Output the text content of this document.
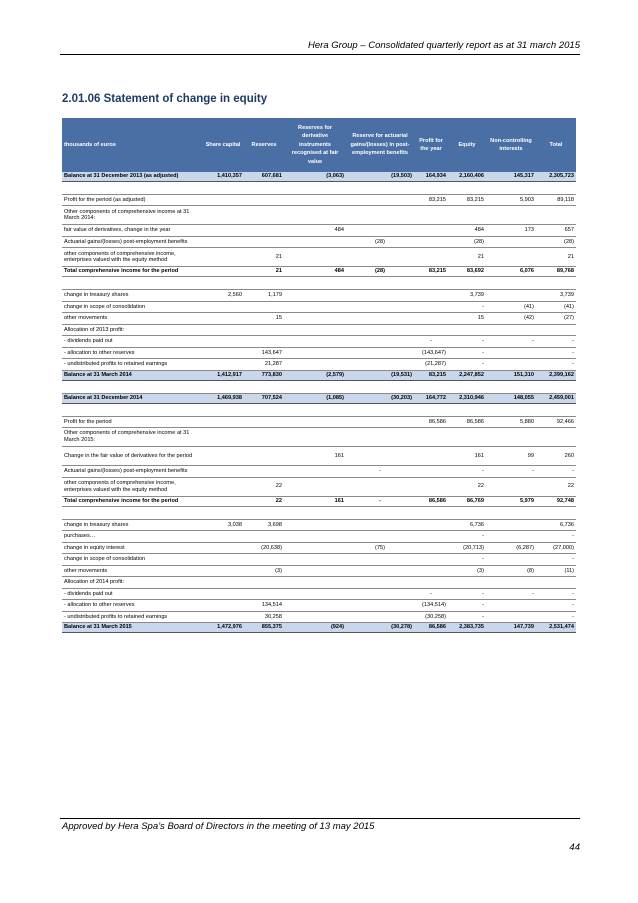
Hera Group – Consolidated quarterly report as at 31 march 2015
2.01.06 Statement of change in equity
thousands of euros	Share capital	Reserves	Reserves for derivative instruments recognised at fair value	Reserve for actuarial gains/(losses) in post-employment benefits	Profit for the year	Equity	Non-controlling interests	Total
Balance at 31 December 2013 (as adjusted)	1,410,357	607,681	(3,063)	(19,503)	164,934	2,160,406	145,317	2,305,723

Profit for the period (as adjusted)					83,215	83,215	5,903	89,118
Other components of comprehensive income at 31 March 2014:								
fair value of derivatives, change in the year			484			484	173	657
Actuarial gains/(losses) post-employment benefits				(28)		(28)		(28)
other components of comprehensive income, enterprises valued with the equity method		21				21		21
Total comprehensive income for the period		21	484	(28)	83,215	83,692	6,076	89,768

change in treasury shares	2,560	1,179				3,739		3,739
change in scope of consolidation						-	(41)	(41)
other movements		15				15	(42)	(27)
Allocation of 2013 profit:								
- dividends paid out					-	-	-	-
- allocation to other reserves		143,647			(143,647)	-		-
- undistributed profits to retained earnings		21,287			(21,287)	-		-
Balance at 31 March 2014	1,412,917	773,830	(2,579)	(19,531)	83,215	2,247,852	151,310	2,399,162

Balance at 31 December 2014	1,469,938	707,524	(1,085)	(30,203)	164,772	2,310,946	148,055	2,459,001

Profit for the period					86,586	86,586	5,880	92,466
Other components of comprehensive income at 31 March 2015:								
Change in the fair value of derivatives for the period			161			161	99	260
Actuarial gains/(losses) post-employment benefits				-		-	-	-
other components of comprehensive income, enterprises valued with the equity method		22				22		22
Total comprehensive income for the period		22	161	-	86,586	86,769	5,979	92,748

change in treasury shares	3,038	3,698				6,736		6,736
purchases…						-		-
change in equity interest		(20,638)		(75)		(20,713)	(6,287)	(27,000)
change in scope of consolidation						-		-
other movements		(3)				(3)	(8)	(11)
Allocation of 2014 profit:								
- dividends paid out					-	-	-	-
- allocation to other reserves		134,514			(134,514)	-		-
- undistributed profits to retained earnings		30,258			(30,258)	-		-
Balance at 31 March 2015	1,472,976	855,375	(924)	(30,278)	86,586	2,383,735	147,739	2,531,474
Approved by Hera Spa’s Board of Directors in the meeting of 13 may 2015
44
